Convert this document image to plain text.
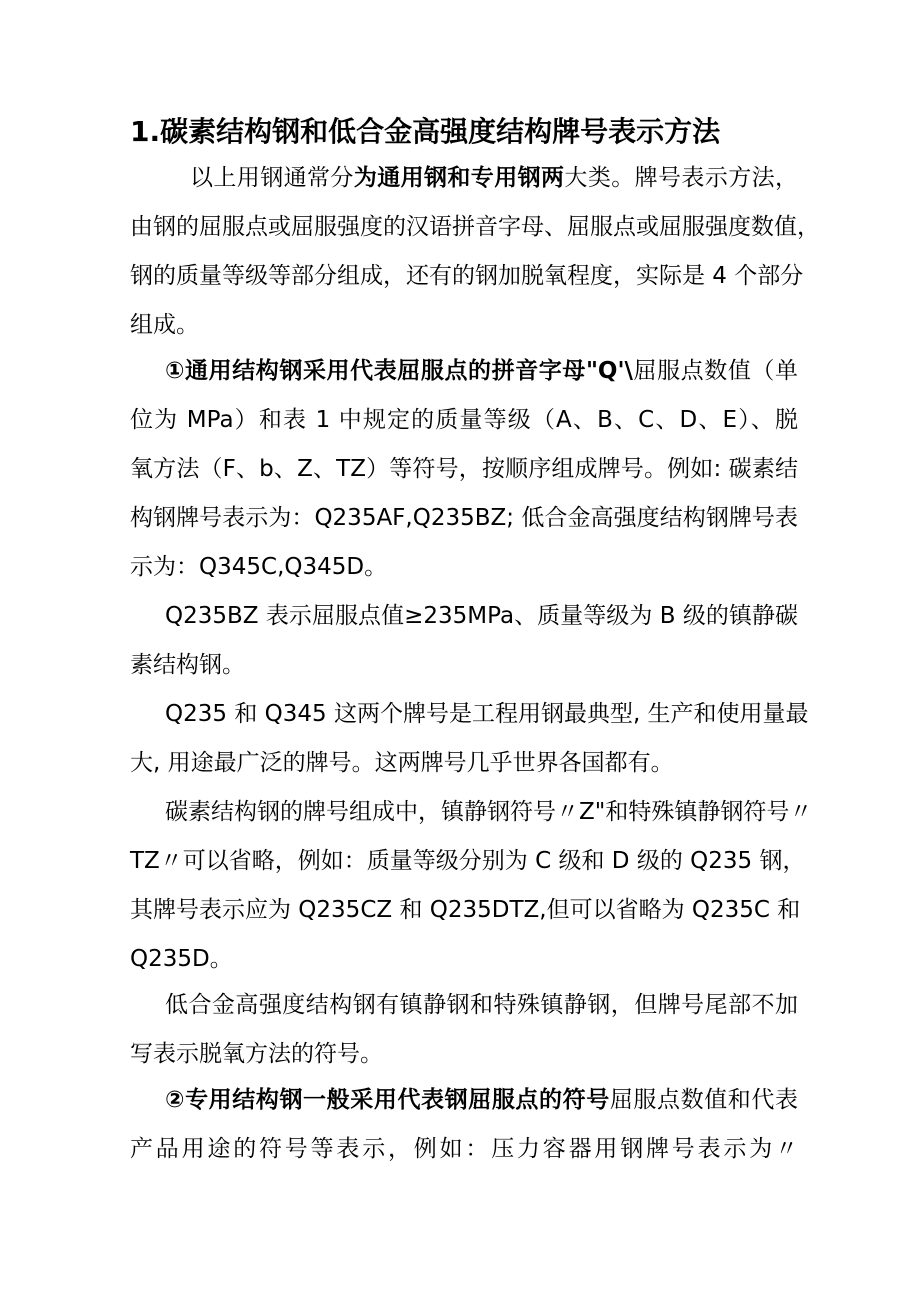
1.碳素结构钢和低合金高强度结构牌号表示方法
以上用钢通常分为通用钢和专用钢两大类。牌号表示方法，
由钢的屈服点或屈服强度的汉语拼音字母、屈服点或屈服强度数值，
钢的质量等级等部分组成，还有的钢加脱氧程度，实际是 4 个部分
组成。
①通用结构钢采用代表屈服点的拼音字母"Q'\屈服点数值（单
位为 MPa）和表 1 中规定的质量等级（A、B、C、D、E）、脱
氧方法（F、b、Z、TZ）等符号，按顺序组成牌号。例如: 碳素结
构钢牌号表示为：Q235AF,Q235BZ; 低合金高强度结构钢牌号表
示为：Q345C,Q345D。
Q235BZ 表示屈服点值≥235MPa、质量等级为 B 级的镇静碳
素结构钢。
Q235 和 Q345 这两个牌号是工程用钢最典型, 生产和使用量最
大, 用途最广泛的牌号。这两牌号几乎世界各国都有。
碳素结构钢的牌号组成中，镇静钢符号〃Z"和特殊镇静钢符号〃
TZ〃可以省略，例如：质量等级分别为 C 级和 D 级的 Q235 钢，
其牌号表示应为 Q235CZ 和 Q235DTZ,但可以省略为 Q235C 和
Q235D。
低合金高强度结构钢有镇静钢和特殊镇静钢，但牌号尾部不加
写表示脱氧方法的符号。
②专用结构钢一般采用代表钢屈服点的符号屈服点数值和代表
产品用途的符号等表示，例如：压力容器用钢牌号表示为〃
